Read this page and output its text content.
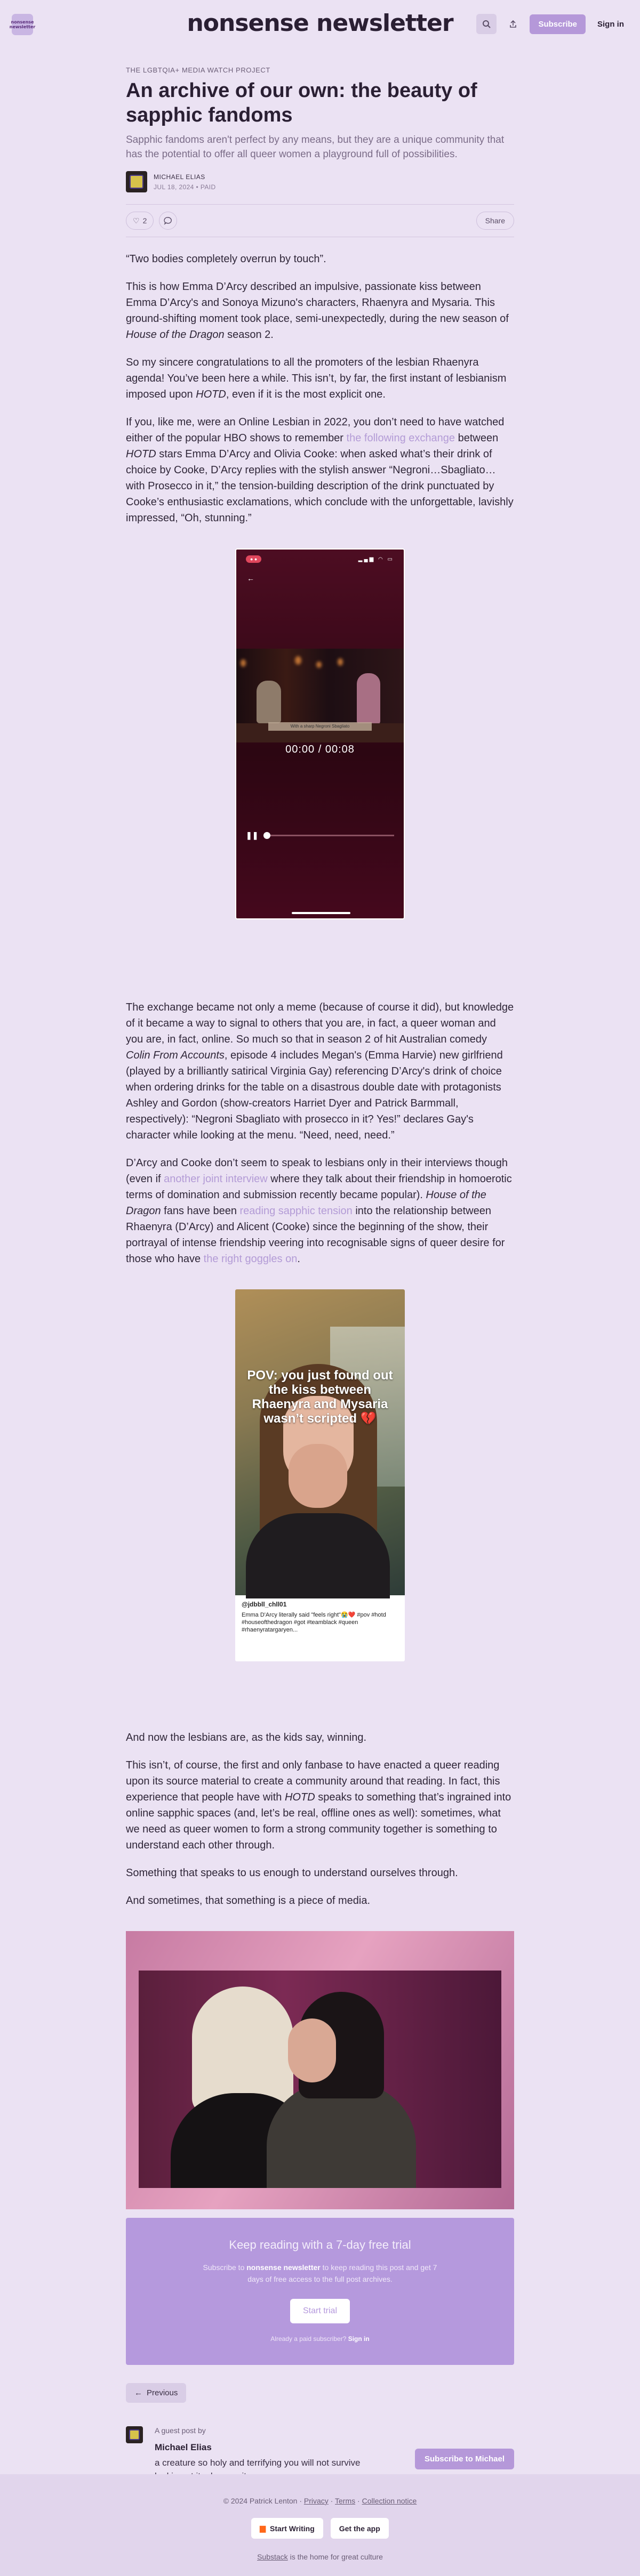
nonsense newsletter	nonsense newsletter	Subscribe	Sign in
THE LGBTQIA+ MEDIA WATCH PROJECT
An archive of our own: the beauty of sapphic fandoms
Sapphic fandoms aren't perfect by any means, but they are a unique community that has the potential to offer all queer women a playground full of possibilities.
MICHAEL ELIAS
JUL 18, 2024 • PAID
♡ 2	Share

“Two bodies completely overrun by touch”.

This is how Emma D’Arcy described an impulsive, passionate kiss between Emma D’Arcy's and Sonoya Mizuno's characters, Rhaenyra and Mysaria. This ground-shifting moment took place, semi-unexpectedly, during the new season of House of the Dragon season 2.

So my sincere congratulations to all the promoters of the lesbian Rhaenyra agenda! You’ve been here a while. This isn’t, by far, the first instant of lesbianism imposed upon HOTD, even if it is the most explicit one.

If you, like me, were an Online Lesbian in 2022, you don’t need to have watched either of the popular HBO shows to remember the following exchange between HOTD stars Emma D’Arcy and Olivia Cooke: when asked what’s their drink of choice by Cooke, D’Arcy replies with the stylish answer “Negroni…Sbagliato…with Prosecco in it,” the tension-building description of the drink punctuated by Cooke’s enthusiastic exclamations, which conclude with the unforgettable, lavishly impressed, “Oh, stunning.”

● ●	▂▄▆ ◠ ▭
←
With a sharp Negroni Sbagliato
00:00 / 00:08
❚❚

The exchange became not only a meme (because of course it did), but knowledge of it became a way to signal to others that you are, in fact, a queer woman and you are, in fact, online. So much so that in season 2 of hit Australian comedy Colin From Accounts, episode 4 includes Megan's (Emma Harvie) new girlfriend (played by a brilliantly satirical Virginia Gay) referencing D’Arcy's drink of choice when ordering drinks for the table on a disastrous double date with protagonists Ashley and Gordon (show-creators Harriet Dyer and Patrick Barmmall, respectively): “Negroni Sbagliato with prosecco in it? Yes!” declares Gay's character while looking at the menu. “Need, need, need.”

D’Arcy and Cooke don’t seem to speak to lesbians only in their interviews though (even if another joint interview where they talk about their friendship in homoerotic terms of domination and submission recently became popular). House of the Dragon fans have been reading sapphic tension into the relationship between Rhaenyra (D’Arcy) and Alicent (Cooke) since the beginning of the show, their portrayal of intense friendship veering into recognisable signs of queer desire for those who have the right goggles on.

POV: you just found out the kiss between Rhaenyra and Mysaria wasn’t scripted 💔
@jdbbll_chll01
Emma D'Arcy literally said "feels right"😭❤️ #pov #hotd #houseofthedragon #got #teamblack #queen #rhaenyratargaryen...

And now the lesbians are, as the kids say, winning.

This isn’t, of course, the first and only fanbase to have enacted a queer reading upon its source material to create a community around that reading. In fact, this experience that people have with HOTD speaks to something that’s ingrained into online sapphic spaces (and, let’s be real, offline ones as well): sometimes, what we need as queer women to form a strong community together is something to understand each other through.

Something that speaks to us enough to understand ourselves through.

And sometimes, that something is a piece of media.

Keep reading with a 7-day free trial
Subscribe to nonsense newsletter to keep reading this post and get 7 days of free access to the full post archives.
Start trial
Already a paid subscriber? Sign in
← Previous
A guest post by
Michael Elias
a creature so holy and terrifying you will not survive	Subscribe to Michael
© 2024 Patrick Lenton · Privacy · Terms · Collection notice
▆ Start Writing	Get the app
Substack is the home for great culture
